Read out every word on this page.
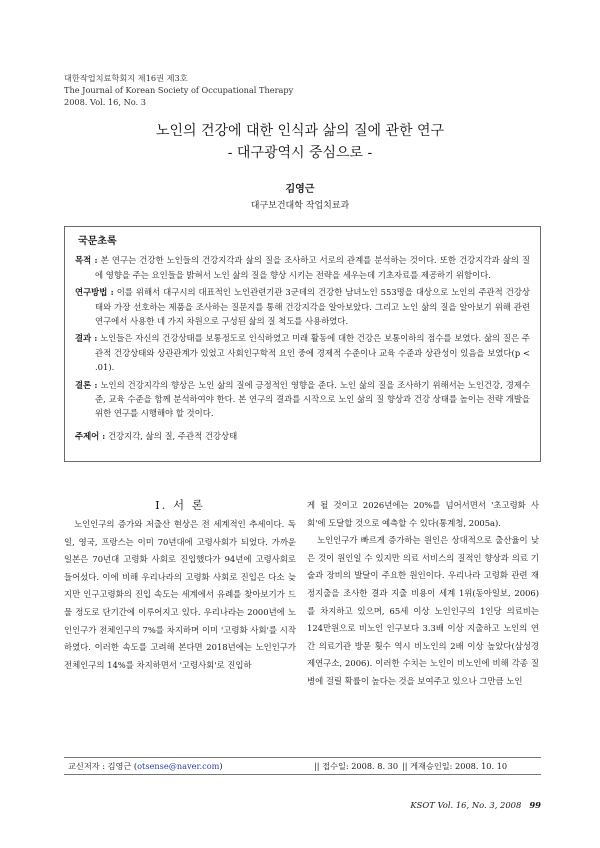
대한작업치료학회지 제16권 제3호
The Journal of Korean Society of Occupational Therapy
2008. Vol. 16, No. 3
노인의 건강에 대한 인식과 삶의 질에 관한 연구
- 대구광역시 중심으로 -
김영근
대구보건대학 작업치료과
국문초록
목적 : 본 연구는 건강한 노인들의 건강지각과 삶의 질을 조사하고 서로의 관계를 분석하는 것이다. 또한 건강지각과 삶의 질에 영향을 주는 요인들을 밝혀서 노인 삶의 질을 향상 시키는 전략을 세우는데 기초자료를 제공하기 위함이다.
연구방법 : 이를 위해서 대구시의 대표적인 노인관련기관 3군데의 건강한 남녀노인 553명을 대상으로 노인의 주관적 건강상태와 가장 선호하는 제품을 조사하는 질문지를 통해 건강지각을 알아보았다. 그리고 노인 삶의 질을 알아보기 위해 관련연구에서 사용한 네 가지 차원으로 구성된 삶의 질 척도를 사용하였다.
결과 : 노인들은 자신의 건강상태를 보통정도로 인식하였고 미래 활동에 대한 건강은 보통이하의 점수를 보였다. 삶의 질은 주관적 건강상태와 상관관계가 있었고 사회인구학적 요인 중에 경제적 수준이나 교육 수준과 상관성이 있음을 보였다(p < .01).
결론 : 노인의 건강지각의 향상은 노인 삶의 질에 긍정적인 영향을 준다. 노인 삶의 질을 조사하기 위해서는 노인건강, 경제수준, 교육 수준을 함께 분석하여야 한다. 본 연구의 결과를 시작으로 노인 삶의 질 향상과 건강 상태를 높이는 전략 개발을 위한 연구를 시행해야 할 것이다.
주제어 : 건강지각, 삶의 질, 주관적 건강상태
Ⅰ. 서 론

노인인구의 증가와 저출산 현상은 전 세계적인 추세이다. 독일, 영국, 프랑스는 이미 70년대에 고령사회가 되었다. 가까운 일본은 70년대 고령화 사회로 진입했다가 94년에 고령사회로 들어섰다. 이에 비해 우리나라의 고령화 사회로 진입은 다소 늦지만 인구고령화의 진입 속도는 세계에서 유례를 찾아보기가 드물 정도로 단기간에 이루어지고 있다. 우리나라는 2000년에 노인인구가 전체인구의 7%를 차지하며 이미 '고령화 사회'를 시작하였다. 이러한 속도를 고려해 본다면 2018년에는 노인인구가 전체인구의 14%를 차지하면서 '고령사회'로 진입하

게 될 것이고 2026년에는 20%를 넘어서면서 '초고령화 사회'에 도달할 것으로 예측할 수 있다(통계청, 2005a).

노인인구가 빠르게 증가하는 원인은 상대적으로 출산율이 낮은 것이 원인일 수 있지만 의료 서비스의 질적인 향상과 의료 기술과 장비의 발달이 주요한 원인이다. 우리나라 고령화 관련 재정지출을 조사한 결과 지출 비용이 세계 1위(동아일보, 2006)를 차지하고 있으며, 65세 이상 노인인구의 1인당 의료비는 124만원으로 비노인 인구보다 3.3배 이상 지출하고 노인의 연간 의료기관 방문 횟수 역시 비노인의 2배 이상 높았다(삼성경제연구소, 2006). 이러한 수치는 노인이 비노인에 비해 각종 질병에 걸릴 확률이 높다는 것을 보여주고 있으나 그만큼 노인

교신저자 : 김영근 (otsense@naver.com)	|| 접수일: 2008. 8. 30 || 게재승인일: 2008. 10. 10

KSOT Vol. 16, No. 3, 2008 99
